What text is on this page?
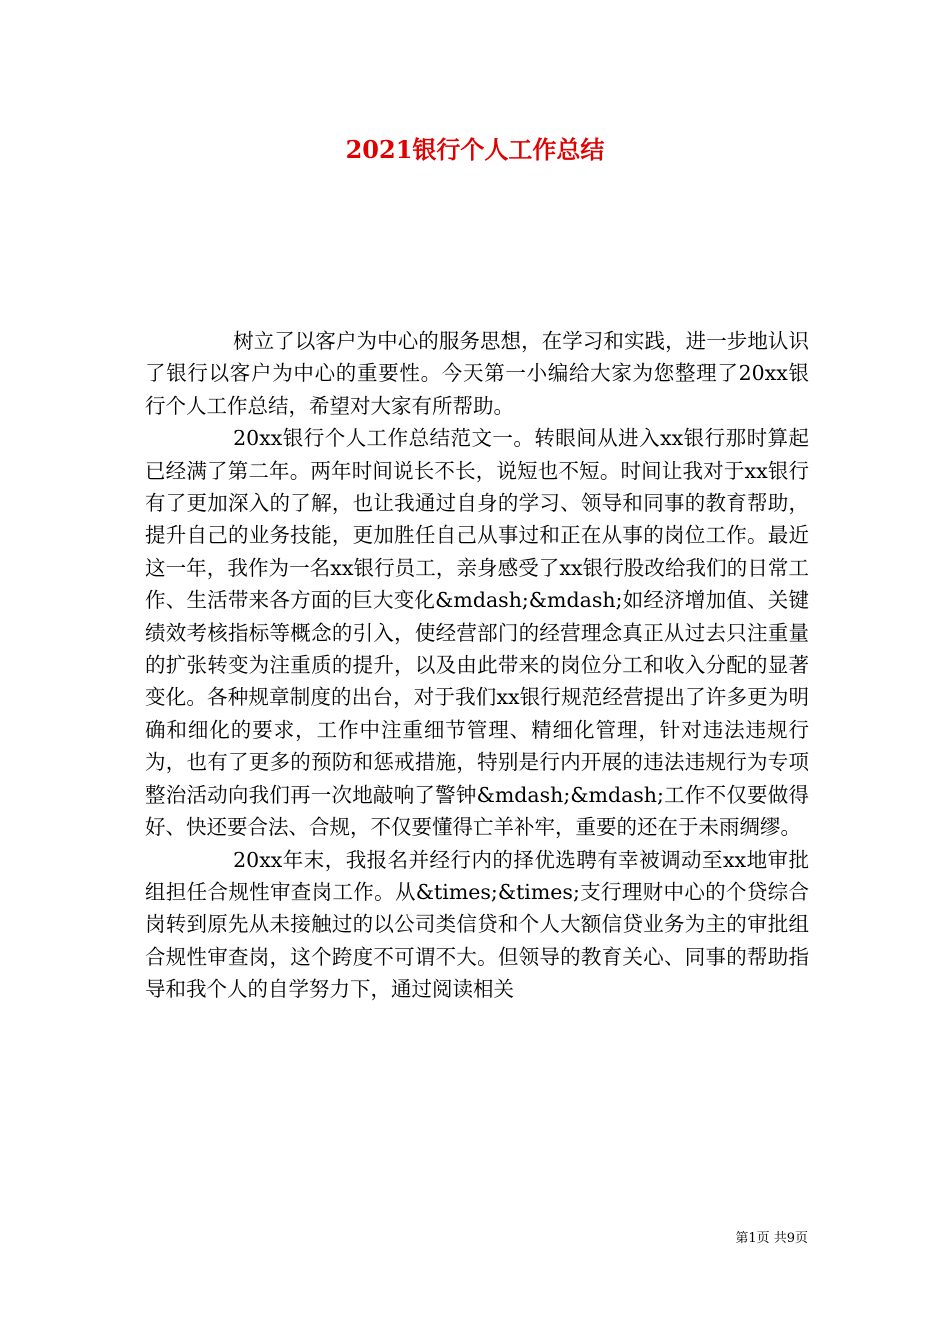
2021银行个人工作总结

树立了以客户为中心的服务思想，在学习和实践，进一步地认识了银行以客户为中心的重要性。今天第一小编给大家为您整理了20xx银行个人工作总结，希望对大家有所帮助。

20xx银行个人工作总结范文一。转眼间从进入xx银行那时算起已经满了第二年。两年时间说长不长，说短也不短。时间让我对于xx银行有了更加深入的了解，也让我通过自身的学习、领导和同事的教育帮助，提升自己的业务技能，更加胜任自己从事过和正在从事的岗位工作。最近这一年，我作为一名xx银行员工，亲身感受了xx银行股改给我们的日常工作、生活带来各方面的巨大变化&mdash;&mdash;如经济增加值、关键绩效考核指标等概念的引入，使经营部门的经营理念真正从过去只注重量的扩张转变为注重质的提升，以及由此带来的岗位分工和收入分配的显著变化。各种规章制度的出台，对于我们xx银行规范经营提出了许多更为明确和细化的要求，工作中注重细节管理、精细化管理，针对违法违规行为，也有了更多的预防和惩戒措施，特别是行内开展的违法违规行为专项整治活动向我们再一次地敲响了警钟&mdash;&mdash;工作不仅要做得好、快还要合法、合规，不仅要懂得亡羊补牢，重要的还在于未雨绸缪。

20xx年末，我报名并经行内的择优选聘有幸被调动至xx地审批组担任合规性审查岗工作。从&times;&times;支行理财中心的个贷综合岗转到原先从未接触过的以公司类信贷和个人大额信贷业务为主的审批组合规性审查岗，这个跨度不可谓不大。但领导的教育关心、同事的帮助指导和我个人的自学努力下，通过阅读相关

第1页 共9页
